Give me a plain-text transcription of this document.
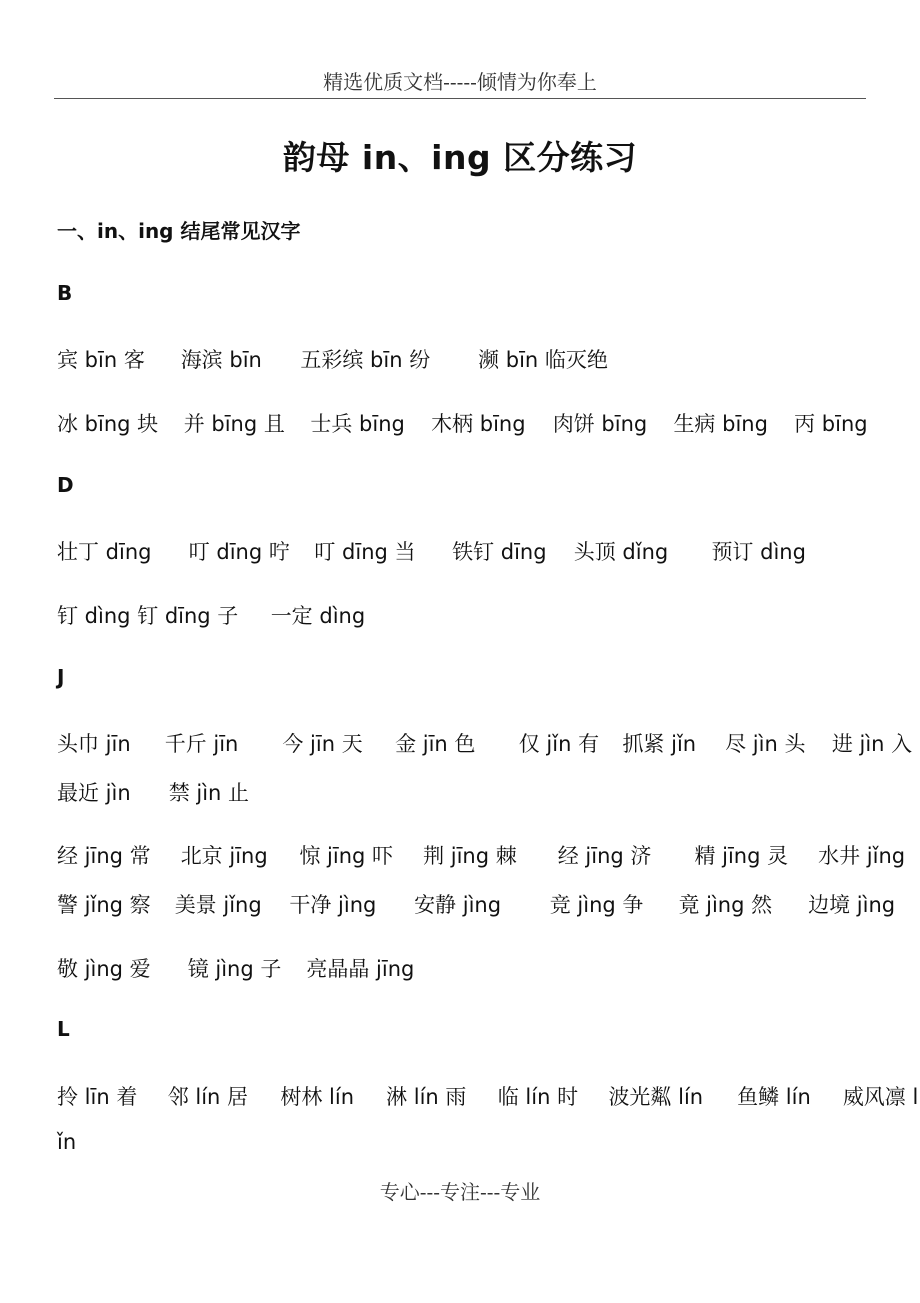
精选优质文档-----倾情为你奉上
韵母 in、ing 区分练习
一、in、ing 结尾常见汉字
B
宾 bīn 客 海滨 bīn 五彩缤 bīn 纷 濒 bīn 临灭绝
冰 bīng 块 并 bīng 且 士兵 bīng 木柄 bīng 肉饼 bīng 生病 bīng 丙 bīng
D
壮丁 dīng 叮 dīng 咛 叮 dīng 当 铁钉 dīng 头顶 dǐng 预订 dìng
钉 dìng 钉 dīng 子 一定 dìng
J
头巾 jīn 千斤 jīn 今 jīn 天 金 jīn 色 仅 jǐn 有 抓紧 jǐn 尽 jìn 头 进 jìn 入
最近 jìn 禁 jìn 止
经 jīng 常 北京 jīng 惊 jīng 吓 荆 jīng 棘 经 jīng 济 精 jīng 灵 水井 jǐng
警 jǐng 察 美景 jǐng 干净 jìng 安静 jìng 竞 jìng 争 竟 jìng 然 边境 jìng
敬 jìng 爱 镜 jìng 子 亮晶晶 jīng
L
拎 līn 着 邻 lín 居 树林 lín 淋 lín 雨 临 lín 时 波光粼 lín 鱼鳞 lín 威风凛 l
ǐn
专心---专注---专业
